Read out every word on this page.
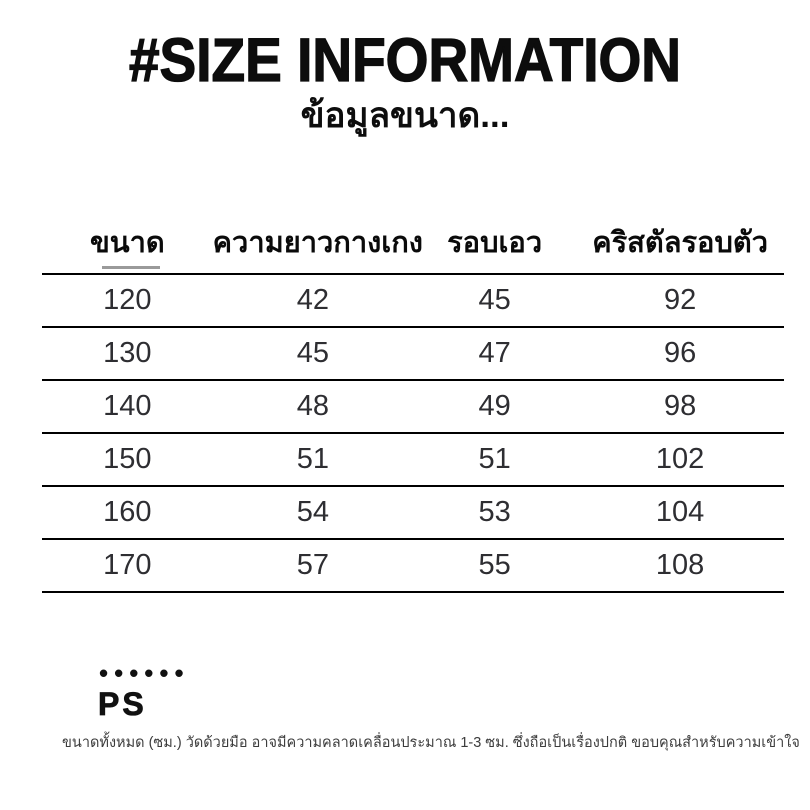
#SIZE INFORMATION
ข้อมูลขนาด...
ขนาด	ความยาวกางเกง	รอบเอว	คริสตัลรอบตัว
120	42	45	92
130	45	47	96
140	48	49	98
150	51	51	102
160	54	53	104
170	57	55	108
••••••
PS
ขนาดทั้งหมด (ซม.) วัดด้วยมือ อาจมีความคลาดเคลื่อนประมาณ 1-3 ซม. ซึ่งถือเป็นเรื่องปกติ ขอบคุณสำหรับความเข้าใจ
